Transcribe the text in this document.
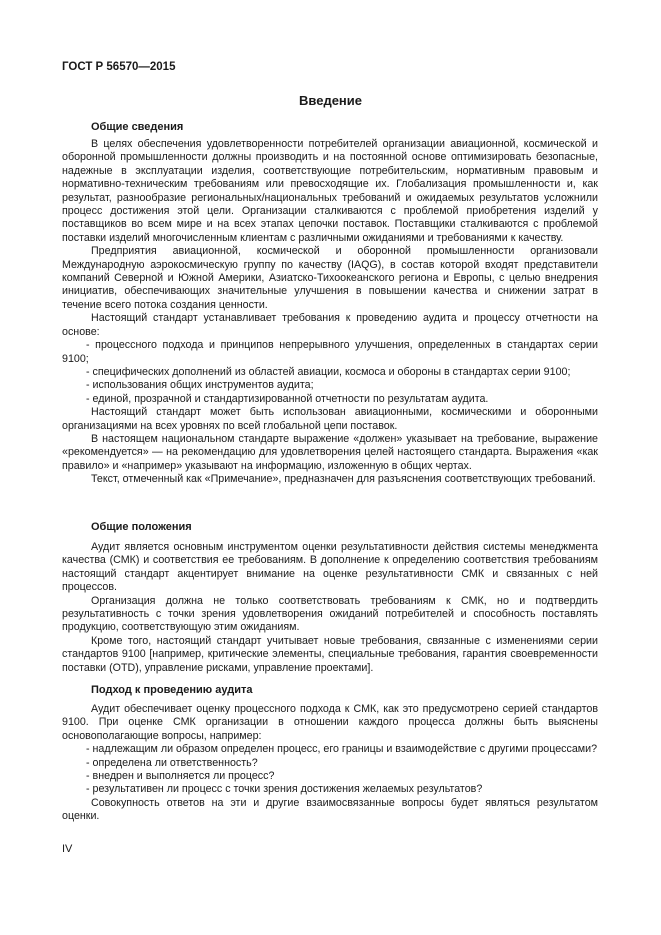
ГОСТ Р 56570—2015
Введение
Общие сведения

В целях обеспечения удовлетворенности потребителей организации авиационной, космической и оборонной промышленности должны производить и на постоянной основе оптимизировать безопасные, надежные в эксплуатации изделия, соответствующие потребительским, нормативным правовым и нормативно-техническим требованиям или превосходящие их. Глобализация промышленности и, как результат, разнообразие региональных/национальных требований и ожидаемых результатов усложнили процесс достижения этой цели. Организации сталкиваются с проблемой приобретения изделий у поставщиков во всем мире и на всех этапах цепочки поставок. Поставщики сталкиваются с проблемой поставки изделий многочисленным клиентам с различными ожиданиями и требованиями к качеству.

Предприятия авиационной, космической и оборонной промышленности организовали Международную аэрокосмическую группу по качеству (IAQG), в состав которой входят представители компаний Северной и Южной Америки, Азиатско-Тихоокеанского региона и Европы, с целью внедрения инициатив, обеспечивающих значительные улучшения в повышении качества и снижении затрат в течение всего потока создания ценности.

Настоящий стандарт устанавливает требования к проведению аудита и процессу отчетности на основе:

- процессного подхода и принципов непрерывного улучшения, определенных в стандартах серии 9100;

- специфических дополнений из областей авиации, космоса и обороны в стандартах серии 9100;

- использования общих инструментов аудита;

- единой, прозрачной и стандартизированной отчетности по результатам аудита.

Настоящий стандарт может быть использован авиационными, космическими и оборонными организациями на всех уровнях по всей глобальной цепи поставок.

В настоящем национальном стандарте выражение «должен» указывает на требование, выражение «рекомендуется» — на рекомендацию для удовлетворения целей настоящего стандарта. Выражения «как правило» и «например» указывают на информацию, изложенную в общих чертах.

Текст, отмеченный как «Примечание», предназначен для разъяснения соответствующих требований.

Общие положения

Аудит является основным инструментом оценки результативности действия системы менеджмента качества (СМК) и соответствия ее требованиям. В дополнение к определению соответствия требованиям настоящий стандарт акцентирует внимание на оценке результативности СМК и связанных с ней процессов.

Организация должна не только соответствовать требованиям к СМК, но и подтвердить результативность с точки зрения удовлетворения ожиданий потребителей и способность поставлять продукцию, соответствующую этим ожиданиям.

Кроме того, настоящий стандарт учитывает новые требования, связанные с изменениями серии стандартов 9100 [например, критические элементы, специальные требования, гарантия своевременности поставки (OTD), управление рисками, управление проектами].

Подход к проведению аудита

Аудит обеспечивает оценку процессного подхода к СМК, как это предусмотрено серией стандартов 9100. При оценке СМК организации в отношении каждого процесса должны быть выяснены основополагающие вопросы, например:

- надлежащим ли образом определен процесс, его границы и взаимодействие с другими процессами?

- определена ли ответственность?

- внедрен и выполняется ли процесс?

- результативен ли процесс с точки зрения достижения желаемых результатов?

Совокупность ответов на эти и другие взаимосвязанные вопросы будет являться результатом оценки.

IV
